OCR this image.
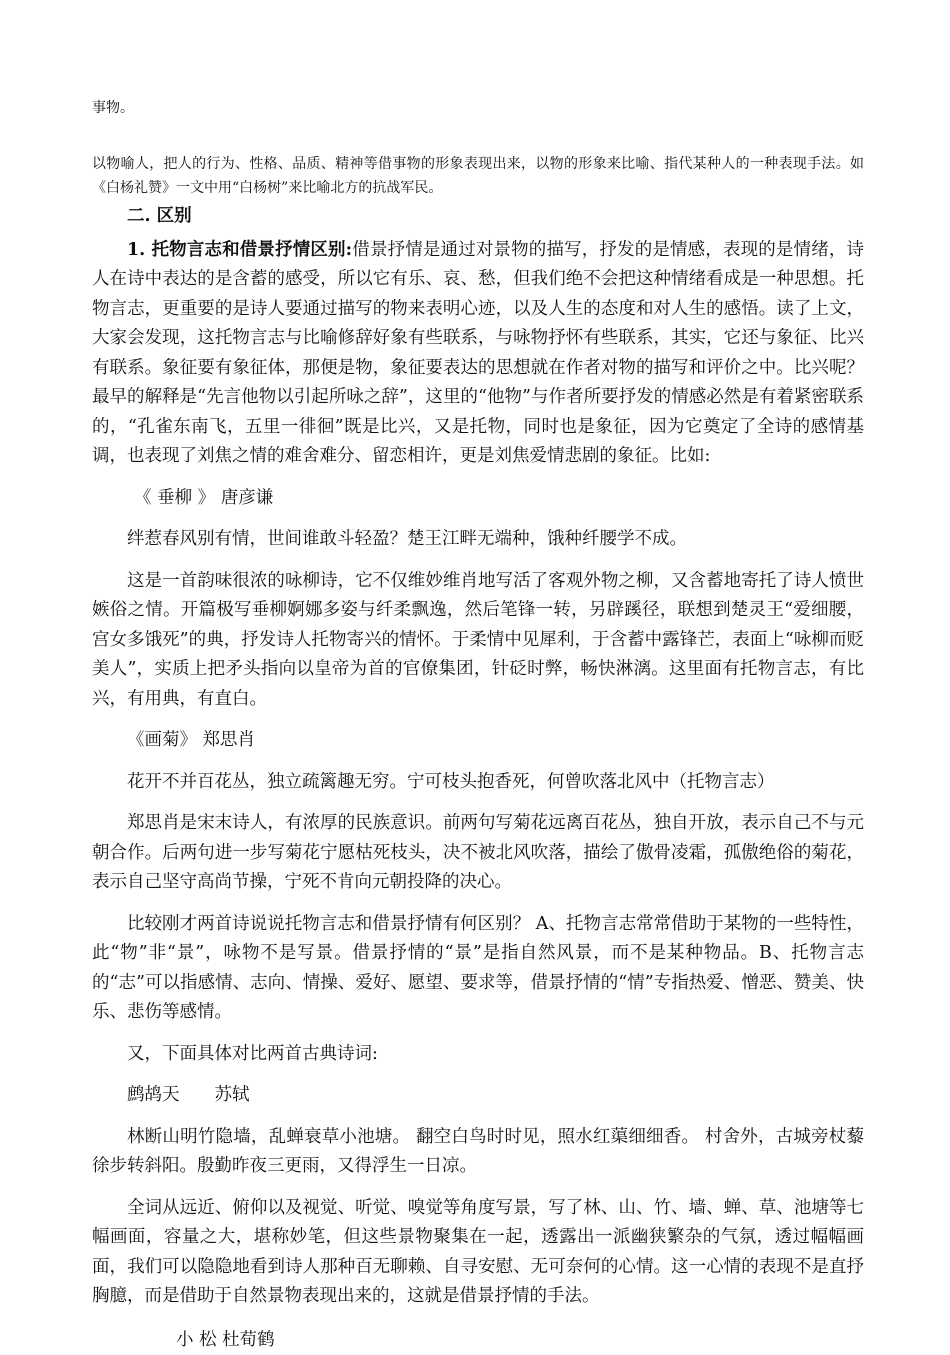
事物。

以物喻人，把人的行为、性格、品质、精神等借事物的形象表现出来，以物的形象来比喻、指代某种人的一种表现手法。如《白杨礼赞》一文中用“白杨树”来比喻北方的抗战军民。

二. 区别

1. 托物言志和借景抒情区别:借景抒情是通过对景物的描写，抒发的是情感，表现的是情绪，诗人在诗中表达的是含蓄的感受，所以它有乐、哀、愁，但我们绝不会把这种情绪看成是一种思想。托物言志，更重要的是诗人要通过描写的物来表明心迹，以及人生的态度和对人生的感悟。读了上文，大家会发现，这托物言志与比喻修辞好象有些联系，与咏物抒怀有些联系，其实，它还与象征、比兴有联系。象征要有象征体，那便是物，象征要表达的思想就在作者对物的描写和评价之中。比兴呢？最早的解释是“先言他物以引起所咏之辞”，这里的“他物”与作者所要抒发的情感必然是有着紧密联系的，“孔雀东南飞，五里一徘徊”既是比兴，又是托物，同时也是象征，因为它奠定了全诗的感情基调，也表现了刘焦之情的难舍难分、留恋相许，更是刘焦爱情悲剧的象征。比如:

《 垂柳 》 唐彦谦

绊惹春风别有情，世间谁敢斗轻盈？楚王江畔无端种，饿种纤腰学不成。

这是一首韵味很浓的咏柳诗，它不仅维妙维肖地写活了客观外物之柳，又含蓄地寄托了诗人愤世嫉俗之情。开篇极写垂柳婀娜多姿与纤柔飘逸，然后笔锋一转，另辟蹊径，联想到楚灵王“爱细腰，宫女多饿死”的典，抒发诗人托物寄兴的情怀。于柔情中见犀利，于含蓄中露锋芒，表面上“咏柳而贬美人”，实质上把矛头指向以皇帝为首的官僚集团，针砭时弊，畅快淋漓。这里面有托物言志，有比兴，有用典，有直白。

《画菊》 郑思肖

花开不并百花丛，独立疏篱趣无穷。宁可枝头抱香死，何曾吹落北风中（托物言志）

郑思肖是宋末诗人，有浓厚的民族意识。前两句写菊花远离百花丛，独自开放，表示自己不与元朝合作。后两句进一步写菊花宁愿枯死枝头，决不被北风吹落，描绘了傲骨凌霜，孤傲绝俗的菊花，表示自己坚守高尚节操，宁死不肯向元朝投降的决心。

比较刚才两首诗说说托物言志和借景抒情有何区别？ A、托物言志常常借助于某物的一些特性，此“物”非“景”，咏物不是写景。借景抒情的“景”是指自然风景，而不是某种物品。B、托物言志的“志”可以指感情、志向、情操、爱好、愿望、要求等，借景抒情的“情”专指热爱、憎恶、赞美、快乐、悲伤等感情。

又，下面具体对比两首古典诗词:

鹧鸪天　　苏轼

林断山明竹隐墙，乱蝉衰草小池塘。 翻空白鸟时时见，照水红蕖细细香。 村舍外，古城旁杖藜徐步转斜阳。殷勤昨夜三更雨，又得浮生一日凉。

全词从远近、俯仰以及视觉、听觉、嗅觉等角度写景，写了林、山、竹、墙、蝉、草、池塘等七幅画面，容量之大，堪称妙笔，但这些景物聚集在一起，透露出一派幽狭繁杂的气氛，透过幅幅画面，我们可以隐隐地看到诗人那种百无聊赖、自寻安慰、无可奈何的心情。这一心情的表现不是直抒胸臆，而是借助于自然景物表现出来的，这就是借景抒情的手法。

小 松 杜荀鹤
